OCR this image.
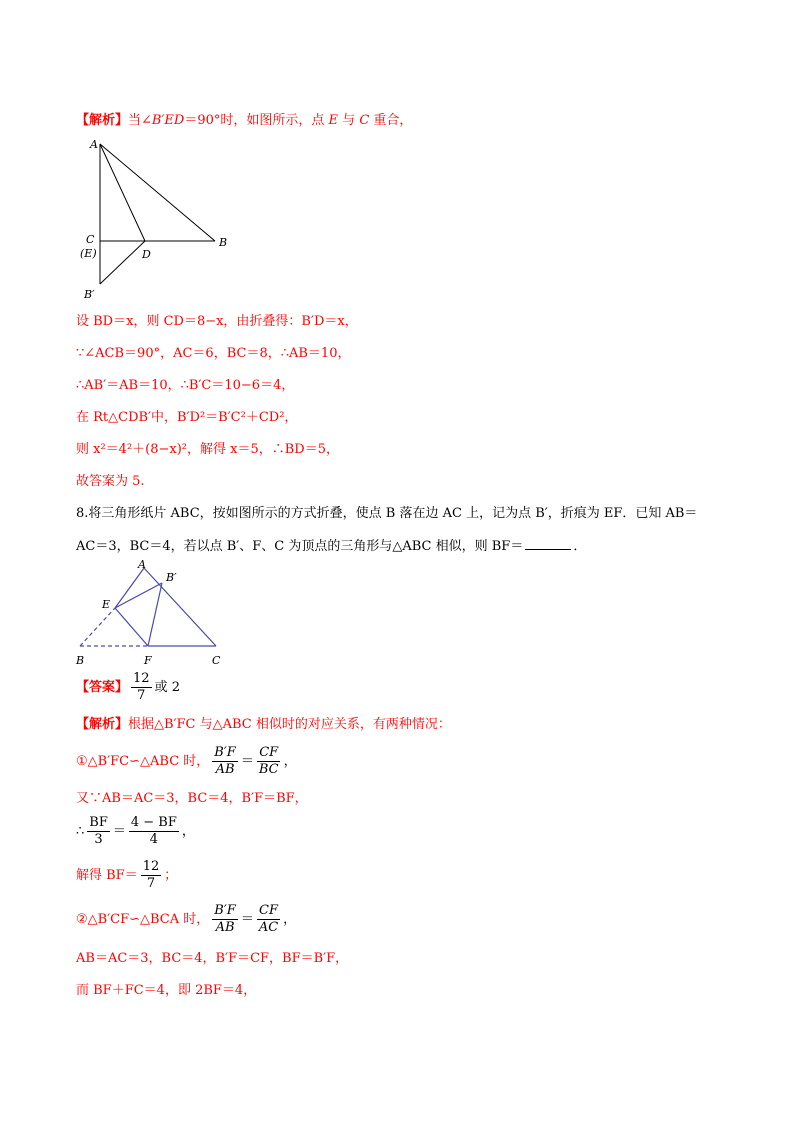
【解析】当∠B′ED＝90°时，如图所示，点 E 与 C 重合，
A
C
(E)	D
B
B′
设 BD＝x，则 CD＝8−x，由折叠得：B′D＝x，
∵∠ACB＝90°，AC＝6，BC＝8，∴AB＝10，
∴AB′＝AB＝10，∴B′C＝10−6＝4，
在 Rt△CDB′中，B′D²＝B′C²＋CD²，
则 x²＝4²＋(8−x)²，解得 x＝5，∴BD＝5，
故答案为 5.
8.将三角形纸片 ABC，按如图所示的方式折叠，使点 B 落在边 AC 上，记为点 B′，折痕为 EF．已知 AB＝
AC＝3，BC＝4，若以点 B′、F、C 为顶点的三角形与△ABC 相似，则 BF＝	．
A
B′
E
B	F	C
【答案】 $\frac{12}{7}$ 或 2
【解析】根据△B′FC 与△ABC 相似时的对应关系，有两种情况：
①△B′FC∽△ABC 时， $\frac{B'F}{AB} = \frac{CF}{BC}$ ，
又∵AB＝AC＝3，BC＝4，B′F＝BF，
∴ $\frac{BF}{3} = \frac{4 - BF}{4}$ ，
解得 $BF= \frac{12}{7}$ ；
②△B′CF∽△BCA 时， $\frac{B'F}{AB} = \frac{CF}{AC}$ ，
AB＝AC＝3，BC＝4，B′F＝CF，BF＝B′F，
而 BF＋FC＝4，即 2BF＝4，
